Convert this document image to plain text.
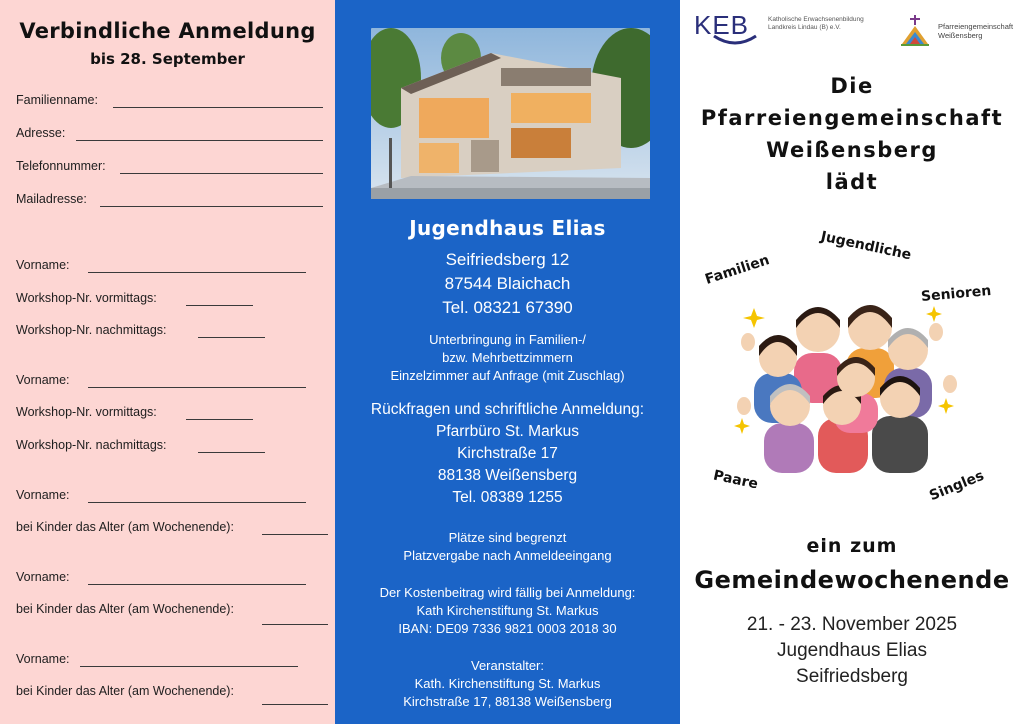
Verbindliche Anmeldung
bis 28. September
Familienname:
Adresse:
Telefonnummer:
Mailadresse:
Vorname:
Workshop-Nr. vormittags:
Workshop-Nr. nachmittags:
Vorname:
Workshop-Nr. vormittags:
Workshop-Nr. nachmittags:
Vorname:
bei Kinder das Alter (am Wochenende):
Vorname:
bei Kinder das Alter (am Wochenende):
Vorname:
bei Kinder das Alter (am Wochenende):
Jugendhaus Elias
Seifriedsberg 12
87544 Blaichach
Tel. 08321 67390
Unterbringung in Familien-/
bzw. Mehrbettzimmern
Einzelzimmer auf Anfrage (mit Zuschlag)
Rückfragen und schriftliche Anmeldung:
Pfarrbüro St. Markus
Kirchstraße 17
88138 Weißensberg
Tel. 08389 1255
Plätze sind begrenzt
Platzvergabe nach Anmeldeeingang
Der Kostenbeitrag wird fällig bei Anmeldung:
Kath Kirchenstiftung St. Markus
IBAN: DE09 7336 9821 0003 2018 30
Veranstalter:
Kath. Kirchenstiftung St. Markus
Kirchstraße 17, 88138 Weißensberg
KEB	Katholische Erwachsenenbildung Landkreis Lindau (B) e.V.	Pfarreiengemeinschaft Weißensberg
Die
Pfarreiengemeinschaft
Weißensberg
lädt
Familien
Jugendliche
Senioren
Paare	Singles
ein zum
Gemeindewochenende
21. - 23. November 2025
Jugendhaus Elias
Seifriedsberg
